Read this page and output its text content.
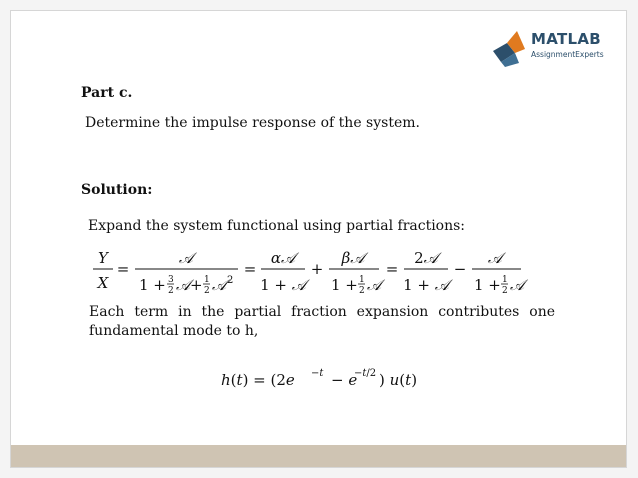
MATLAB
AssignmentExperts
Part c.
Determine the impulse response of the system.
Solution:
Expand the system functional using partial fractions:
Y
X
=
𝒜
1 + 3
2 𝒜 + 1
2 𝒜 2
=
α𝒜
1 + 𝒜
+
β𝒜
1 + 1
2 𝒜
=
2𝒜
1 + 𝒜
−
𝒜
1 + 1
2 𝒜
Each term in the partial fraction expansion contributes one fundamental mode to h,
h(t) = (2e −t − e
−t/2 ) u(t)
